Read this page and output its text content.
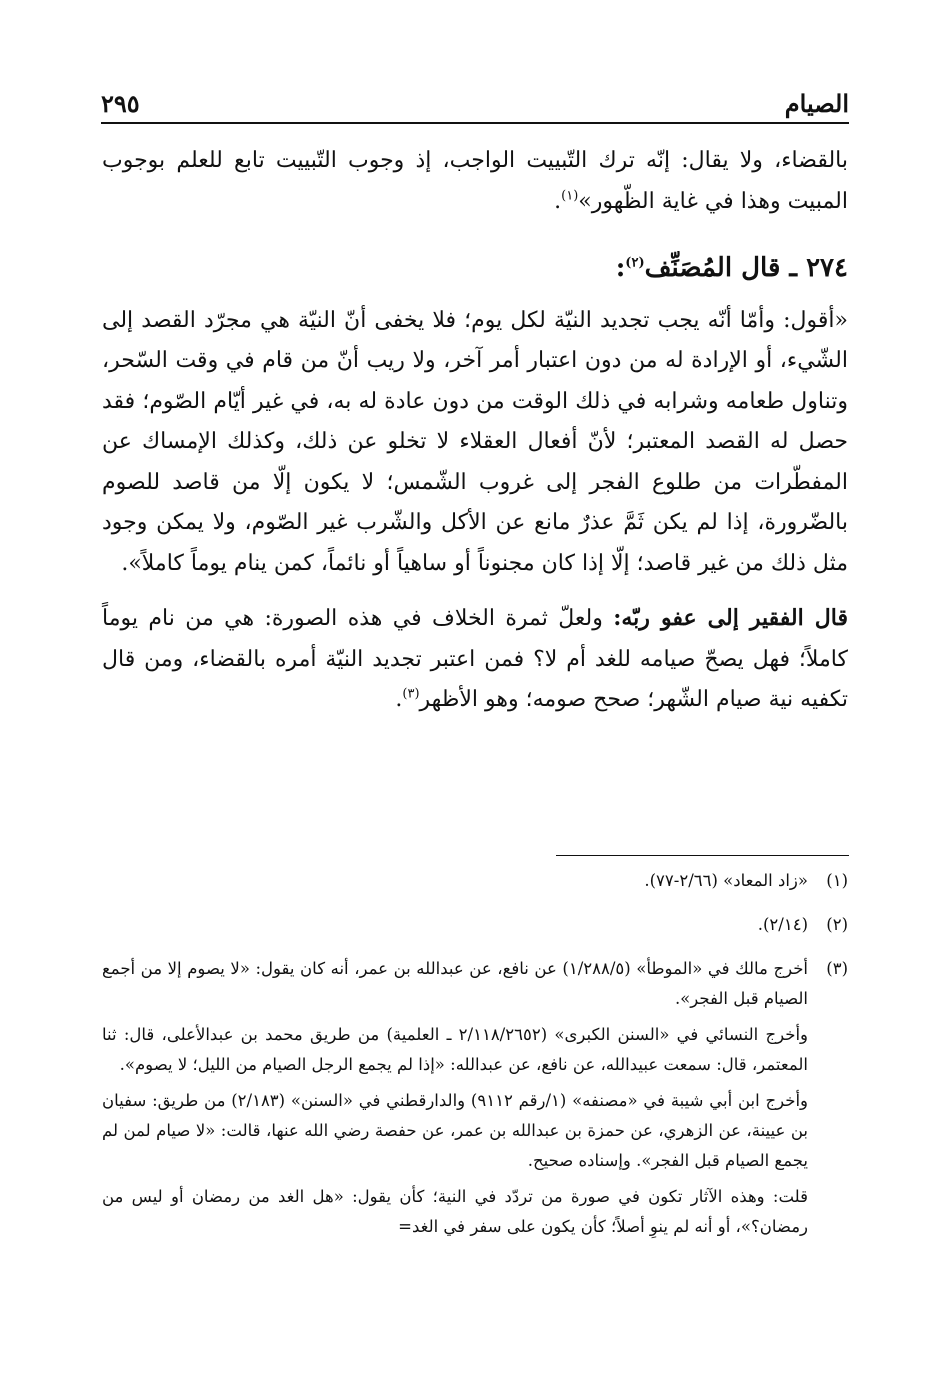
الصيام
٢٩٥

بالقضاء، ولا يقال: إنّه ترك التّبييت الواجب، إذ وجوب التّبييت تابع للعلم بوجوب المبيت وهذا في غاية الظّهور»$^{(١)}$.

٢٧٤ ـ قال المُصَنِّف$^{(٢)}$:

«أقول: وأمّا أنّه يجب تجديد النيّة لكل يوم؛ فلا يخفى أنّ النيّة هي مجرّد القصد إلى الشّيء، أو الإرادة له من دون اعتبار أمر آخر، ولا ريب أنّ من قام في وقت السّحر، وتناول طعامه وشرابه في ذلك الوقت من دون عادة له به، في غير أيّام الصّوم؛ فقد حصل له القصد المعتبر؛ لأنّ أفعال العقلاء لا تخلو عن ذلك، وكذلك الإمساك عن المفطّرات من طلوع الفجر إلى غروب الشّمس؛ لا يكون إلّا من قاصد للصوم بالضّرورة، إذا لم يكن ثَمَّ عذرٌ مانع عن الأكل والشّرب غير الصّوم، ولا يمكن وجود مثل ذلك من غير قاصد؛ إلّا إذا كان مجنوناً أو ساهياً أو نائماً، كمن ينام يوماً كاملاً».

قال الفقير إلى عفو ربّه: ولعلّ ثمرة الخلاف في هذه الصورة: هي من نام يوماً كاملاً؛ فهل يصحّ صيامه للغد أم لا؟ فمن اعتبر تجديد النيّة أمره بالقضاء، ومن قال تكفيه نية صيام الشّهر؛ صحح صومه؛ وهو الأظهر$^{(٣)}$.

(١)

«زاد المعاد» (٢/٦٦-٧٧).

(٢)

(٢/١٤).

(٣)

أخرج مالك في «الموطأ» (١/٢٨٨/٥) عن نافع، عن عبدالله بن عمر، أنه كان يقول: «لا يصوم إلا من أجمع الصيام قبل الفجر».

وأخرج النسائي في «السنن الكبرى» (٢/١١٨/٢٦٥٢ ـ العلمية) من طريق محمد بن عبدالأعلى، قال: ثنا المعتمر، قال: سمعت عبيدالله، عن نافع، عن عبدالله: «إذا لم يجمع الرجل الصيام من الليل؛ لا يصوم».

وأخرج ابن أبي شيبة في «مصنفه» (١/رقم ٩١١٢) والدارقطني في «السنن» (٢/١٨٣) من طريق: سفيان بن عيينة، عن الزهري، عن حمزة بن عبدالله بن عمر، عن حفصة رضي الله عنها، قالت: «لا صيام لمن لم يجمع الصيام قبل الفجر». وإسناده صحيح.

قلت: وهذه الآثار تكون في صورة من تردّد في النية؛ كأن يقول: «هل الغد من رمضان أو ليس من رمضان؟»، أو أنه لم ينوِ أصلاً؛ كأن يكون على سفر في الغد=
